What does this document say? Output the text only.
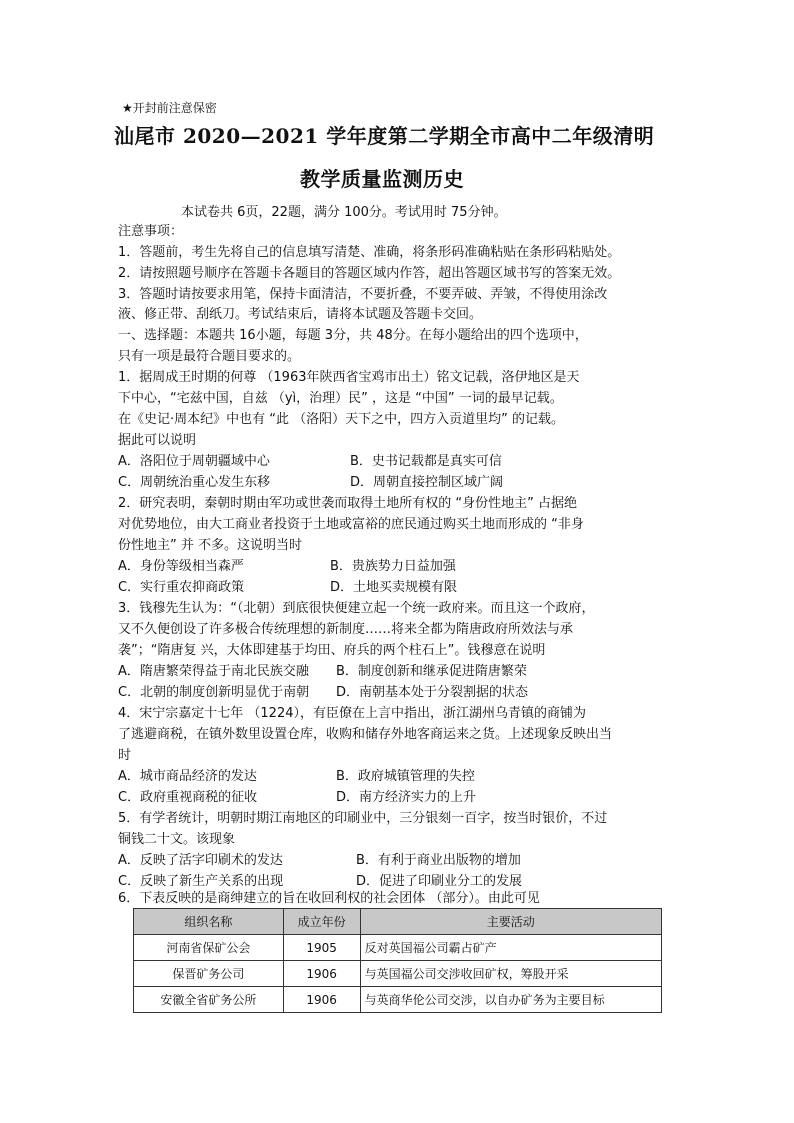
★开封前注意保密
汕尾市 2020—2021 学年度第二学期全市高中二年级清明
教学质量监测历史
本试卷共 6页，22题，满分 100分。考试用时 75分钟。
注意事项：
1．答题前，考生先将自己的信息填写清楚、准确，将条形码准确粘贴在条形码粘贴处。
2．请按照题号顺序在答题卡各题目的答题区域内作答，超出答题区域书写的答案无效。
3．答题时请按要求用笔，保持卡面清洁，不要折叠，不要弄破、弄皱，不得使用涂改
液、修正带、刮纸刀。考试结束后，请将本试题及答题卡交回。
一、选择题：本题共 16小题，每题 3分，共 48分。在每小题给出的四个选项中，
只有一项是最符合题目要求的。
1．据周成王时期的何尊 （1963年陕西省宝鸡市出土）铭文记载，洛伊地区是天
下中心，“宅兹中国，自兹 （yì，治理）民” ，这是 “中国” 一词的最早记载。
在《史记·周本纪》中也有 “此 （洛阳）天下之中，四方入贡道里均” 的记载。
据此可以说明
A．洛阳位于周朝疆域中心	B．史书记载都是真实可信
C．周朝统治重心发生东移	D．周朝直接控制区域广阔
2．研究表明，秦朝时期由军功或世袭而取得土地所有权的 “身份性地主” 占据绝
对优势地位，由大工商业者投资于土地或富裕的庶民通过购买土地而形成的 “非身
份性地主” 并 不多。这说明当时
A．身份等级相当森严	B．贵族势力日益加强
C．实行重农抑商政策	D．土地买卖规模有限
3．钱穆先生认为：“（北朝）到底很快便建立起一个统一政府来。而且这一个政府，
又不久便创设了许多极合传统理想的新制度……将来全都为隋唐政府所效法与承
袭”；“隋唐复 兴，大体即建基于均田、府兵的两个柱石上”。钱穆意在说明
A．隋唐繁荣得益于南北民族交融 B．制度创新和继承促进隋唐繁荣
C．北朝的制度创新明显优于南朝 D．南朝基本处于分裂割据的状态
4．宋宁宗嘉定十七年 （1224），有臣僚在上言中指出，浙江湖州乌青镇的商铺为
了逃避商税，在镇外数里设置仓库，收购和储存外地客商运来之货。上述现象反映出当
时
A．城市商品经济的发达	B．政府城镇管理的失控
C．政府重视商税的征收	D．南方经济实力的上升
5．有学者统计，明朝时期江南地区的印刷业中，三分银刻一百字，按当时银价，不过
铜钱二十文。该现象
A．反映了活字印刷术的发达	B．有利于商业出版物的增加
C．反映了新生产关系的出现	D．促进了印刷业分工的发展
6．下表反映的是商绅建立的旨在收回利权的社会团体 （部分）。由此可见
组织名称	成立年份	主要活动
河南省保矿公会	1905	反对英国福公司霸占矿产
保晋矿务公司	1906	与英国福公司交涉收回矿权，筹股开采
安徽全省矿务公所	1906	与英商华伦公司交涉，以自办矿务为主要目标
